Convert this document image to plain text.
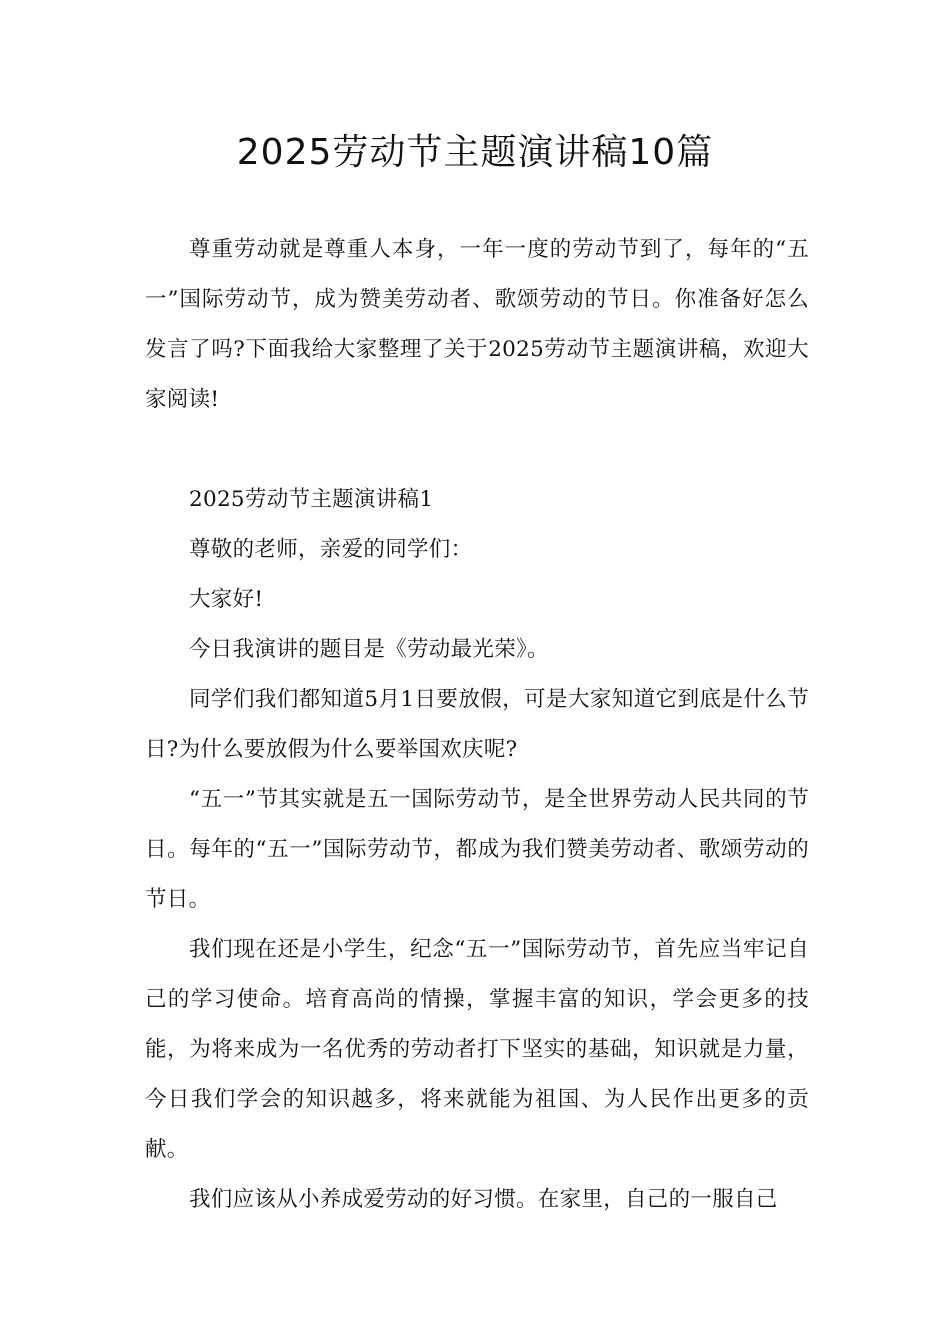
2025劳动节主题演讲稿10篇

尊重劳动就是尊重人本身，一年一度的劳动节到了，每年的“五一”国际劳动节，成为赞美劳动者、歌颂劳动的节日。你准备好怎么发言了吗?下面我给大家整理了关于2025劳动节主题演讲稿，欢迎大家阅读!

2025劳动节主题演讲稿1

尊敬的老师，亲爱的同学们：

大家好!

今日我演讲的题目是《劳动最光荣》。

同学们我们都知道5月1日要放假，可是大家知道它到底是什么节日?为什么要放假为什么要举国欢庆呢?

“五一”节其实就是五一国际劳动节，是全世界劳动人民共同的节日。每年的“五一”国际劳动节，都成为我们赞美劳动者、歌颂劳动的节日。

我们现在还是小学生，纪念“五一”国际劳动节，首先应当牢记自己的学习使命。培育高尚的情操，掌握丰富的知识，学会更多的技能，为将来成为一名优秀的劳动者打下坚实的基础，知识就是力量，今日我们学会的知识越多，将来就能为祖国、为人民作出更多的贡献。

我们应该从小养成爱劳动的好习惯。在家里，自己的一服自己
